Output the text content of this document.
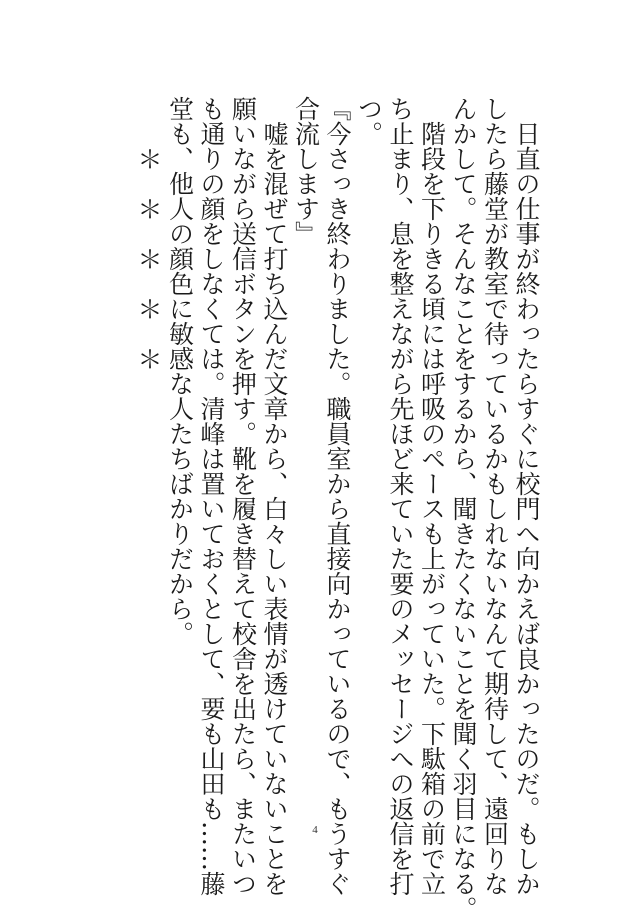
　日直の仕事が終わったらすぐに校門へ向かえば良かったのだ。もしか

したら藤堂が教室で待っているかもしれないなんて期待して、遠回りな

んかして。そんなことをするから、聞きたくないことを聞く羽目になる。

　階段を下りきる頃には呼吸のペースも上がっていた。下駄箱の前で立

ち止まり、息を整えながら先ほど来ていた要のメッセージへの返信を打

つ。

『今さっき終わりました。職員室から直接向かっているので、もうすぐ

合流します』

　嘘を混ぜて打ち込んだ文章から、白々しい表情が透けていないことを

願いながら送信ボタンを押す。靴を履き替えて校舎を出たら、またいつ

も通りの顔をしなくては。清峰は置いておくとして、要も山田も……藤

堂も、他人の顔色に敏感な人たちばかりだから。

　　＊　＊　＊　＊　＊

4
